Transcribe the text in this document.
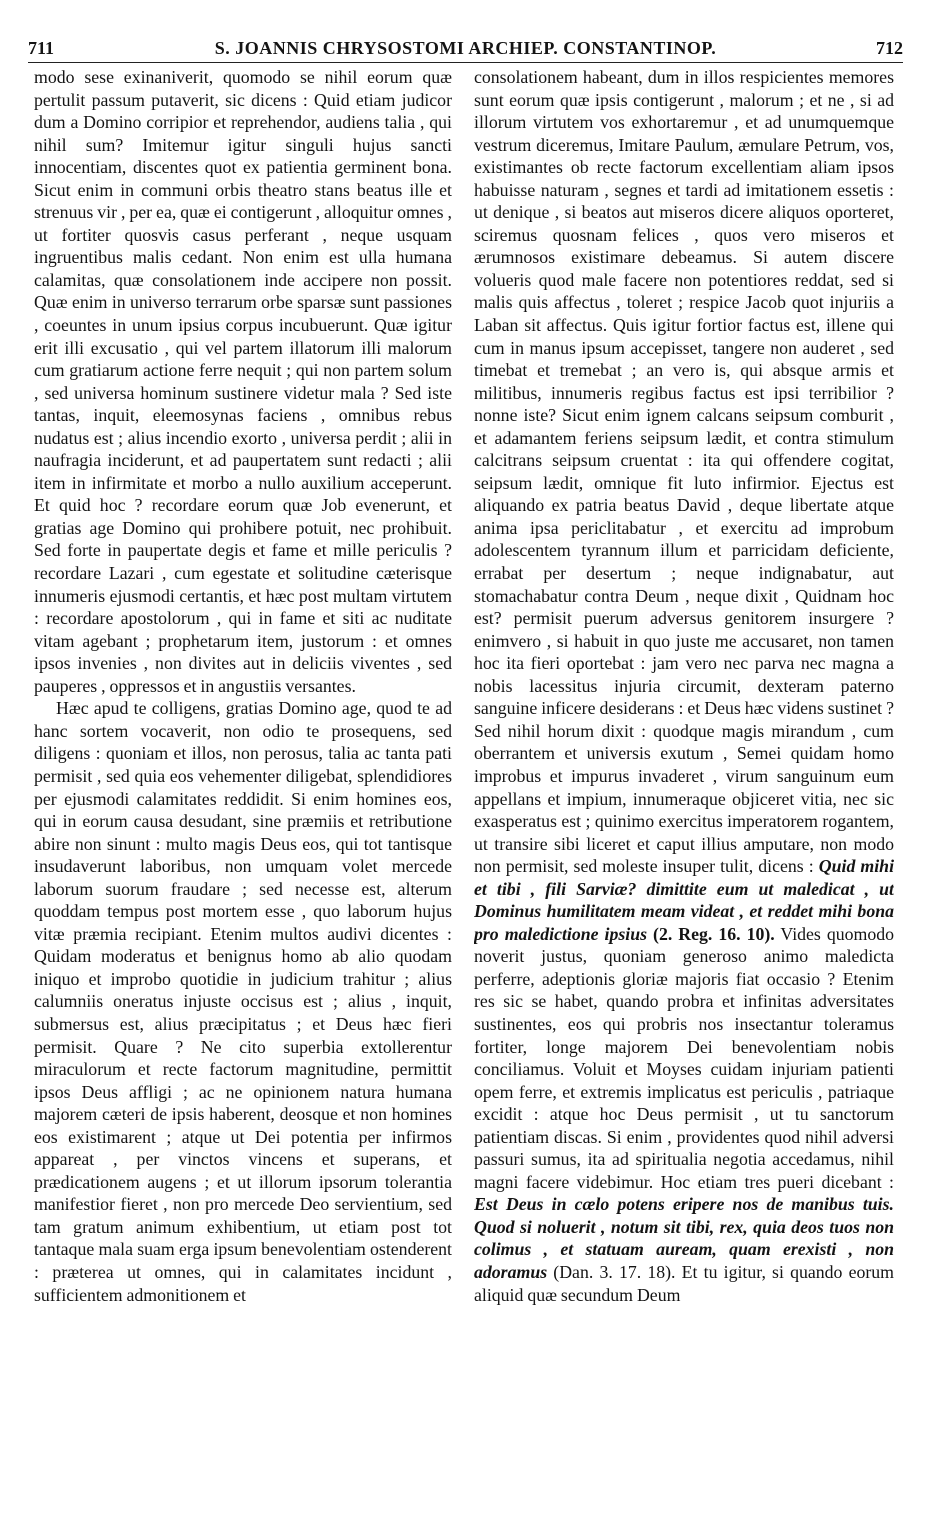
711	S. JOANNIS CHRYSOSTOMI ARCHIEP. CONSTANTINOP.	712

modo sese exinaniverit, quomodo se nihil eorum quæ pertulit passum putaverit, sic dicens : Quid etiam judicor dum a Domino corripior et reprehendor, audiens talia , qui nihil sum? Imitemur igitur singuli hujus sancti innocentiam, discentes quot ex patientia germinent bona. Sicut enim in communi orbis theatro stans beatus ille et strenuus vir , per ea, quæ ei contigerunt , alloquitur omnes , ut fortiter quosvis casus perferant , neque usquam ingruentibus malis cedant. Non enim est ulla humana calamitas, quæ consolationem inde accipere non possit. Quæ enim in universo terrarum orbe sparsæ sunt passiones , coeuntes in unum ipsius corpus incubuerunt. Quæ igitur erit illi excusatio , qui vel partem illatorum illi malorum cum gratiarum actione ferre nequit ; qui non partem solum , sed universa hominum sustinere videtur mala ? Sed iste tantas, inquit, eleemosynas faciens , omnibus rebus nudatus est ; alius incendio exorto , universa perdit ; alii in naufragia inciderunt, et ad paupertatem sunt redacti ; alii item in infirmitate et morbo a nullo auxilium acceperunt. Et quid hoc ? recordare eorum quæ Job evenerunt, et gratias age Domino qui prohibere potuit, nec prohibuit. Sed forte in paupertate degis et fame et mille periculis ? recordare Lazari , cum egestate et solitudine cæterisque innumeris ejusmodi certantis, et hæc post multam virtutem : recordare apostolorum , qui in fame et siti ac nuditate vitam agebant ; prophetarum item, justorum : et omnes ipsos invenies , non divites aut in deliciis viventes , sed pauperes , oppressos et in angustiis versantes.

Hæc apud te colligens, gratias Domino age, quod te ad hanc sortem vocaverit, non odio te prosequens, sed diligens : quoniam et illos, non perosus, talia ac tanta pati permisit , sed quia eos vehementer diligebat, splendidiores per ejusmodi calamitates reddidit. Si enim homines eos, qui in eorum causa desudant, sine præmiis et retributione abire non sinunt : multo magis Deus eos, qui tot tantisque insudaverunt laboribus, non umquam volet mercede laborum suorum fraudare ; sed necesse est, alterum quoddam tempus post mortem esse , quo laborum hujus vitæ præmia recipiant. Etenim multos audivi dicentes : Quidam moderatus et benignus homo ab alio quodam iniquo et improbo quotidie in judicium trahitur ; alius calumniis oneratus injuste occisus est ; alius , inquit, submersus est, alius præcipitatus ; et Deus hæc fieri permisit. Quare ? Ne cito superbia extollerentur miraculorum et recte factorum magnitudine, permittit ipsos Deus affligi ; ac ne opinionem natura humana majorem cæteri de ipsis haberent, deosque et non homines eos existimarent ; atque ut Dei potentia per infirmos appareat , per vinctos vincens et superans, et prædicationem augens ; et ut illorum ipsorum tolerantia manifestior fieret , non pro mercede Deo servientium, sed tam gratum animum exhibentium, ut etiam post tot tantaque mala suam erga ipsum benevolentiam ostenderent : præterea ut omnes, qui in calamitates incidunt , sufficientem admonitionem et

consolationem habeant, dum in illos respicientes memores sunt eorum quæ ipsis contigerunt , malorum ; et ne , si ad illorum virtutem vos exhortaremur , et ad unumquemque vestrum diceremus, Imitare Paulum, æmulare Petrum, vos, existimantes ob recte factorum excellentiam aliam ipsos habuisse naturam , segnes et tardi ad imitationem essetis : ut denique , si beatos aut miseros dicere aliquos oporteret, sciremus quosnam felices , quos vero miseros et ærumnosos existimare debeamus. Si autem discere volueris quod male facere non potentiores reddat, sed si malis quis affectus , toleret ; respice Jacob quot injuriis a Laban sit affectus. Quis igitur fortior factus est, illene qui cum in manus ipsum accepisset, tangere non auderet , sed timebat et tremebat ; an vero is, qui absque armis et militibus, innumeris regibus factus est ipsi terribilior ? nonne iste? Sicut enim ignem calcans seipsum comburit , et adamantem feriens seipsum lædit, et contra stimulum calcitrans seipsum cruentat : ita qui offendere cogitat, seipsum lædit, omnique fit luto infirmior. Ejectus est aliquando ex patria beatus David , deque libertate atque anima ipsa periclitabatur , et exercitu ad improbum adolescentem tyrannum illum et parricidam deficiente, errabat per desertum ; neque indignabatur, aut stomachabatur contra Deum , neque dixit , Quidnam hoc est? permisit puerum adversus genitorem insurgere ? enimvero , si habuit in quo juste me accusaret, non tamen hoc ita fieri oportebat : jam vero nec parva nec magna a nobis lacessitus injuria circumit, dexteram paterno sanguine inficere desiderans : et Deus hæc videns sustinet ? Sed nihil horum dixit : quodque magis mirandum , cum oberrantem et universis exutum , Semei quidam homo improbus et impurus invaderet , virum sanguinum eum appellans et impium, innumeraque objiceret vitia, nec sic exasperatus est ; quinimo exercitus imperatorem rogantem, ut transire sibi liceret et caput illius amputare, non modo non permisit, sed moleste insuper tulit, dicens : Quid mihi et tibi , fili Sarviæ? dimittite eum ut maledicat , ut Dominus humilitatem meam videat , et reddet mihi bona pro maledictione ipsius (2. Reg. 16. 10). Vides quomodo noverit justus, quoniam generoso animo maledicta perferre, adeptionis gloriæ majoris fiat occasio ? Etenim res sic se habet, quando probra et infinitas adversitates sustinentes, eos qui probris nos insectantur toleramus fortiter, longe majorem Dei benevolentiam nobis conciliamus. Voluit et Moyses cuidam injuriam patienti opem ferre, et extremis implicatus est periculis , patriaque excidit : atque hoc Deus permisit , ut tu sanctorum patientiam discas. Si enim , providentes quod nihil adversi passuri sumus, ita ad spiritualia negotia accedamus, nihil magni facere videbimur. Hoc etiam tres pueri dicebant : Est Deus in cælo potens eripere nos de manibus tuis. Quod si noluerit , notum sit tibi, rex, quia deos tuos non colimus , et statuam auream, quam erexisti , non adoramus (Dan. 3. 17. 18). Et tu igitur, si quando eorum aliquid quæ secundum Deum
